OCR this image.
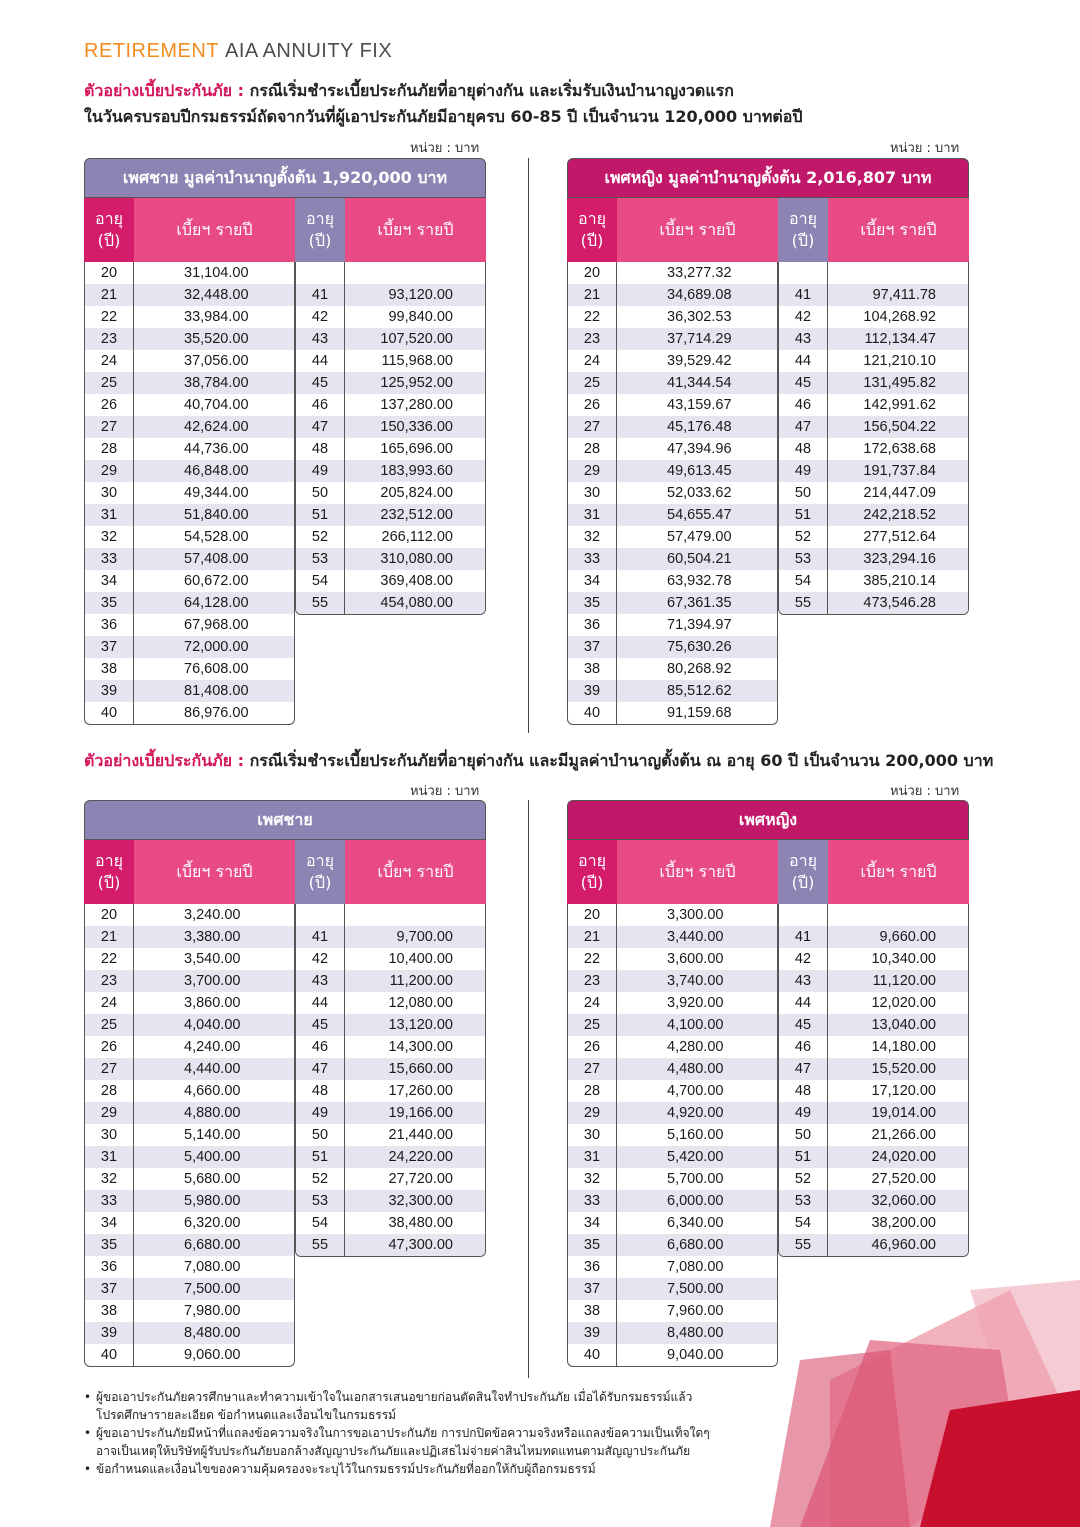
RETIREMENT AIA ANNUITY FIX
ตัวอย่างเบี้ยประกันภัย : กรณีเริ่มชำระเบี้ยประกันภัยที่อายุต่างกัน และเริ่มรับเงินบำนาญงวดแรก
ในวันครบรอบปีกรมธรรม์ถัดจากวันที่ผู้เอาประกันภัยมีอายุครบ 60-85 ปี เป็นจำนวน 120,000 บาทต่อปี
หน่วย : บาท	หน่วย : บาท
ตัวอย่างเบี้ยประกันภัย : กรณีเริ่มชำระเบี้ยประกันภัยที่อายุต่างกัน และมีมูลค่าบำนาญตั้งต้น ณ อายุ 60 ปี เป็นจำนวน 200,000 บาท
หน่วย : บาท	หน่วย : บาท
เพศชาย มูลค่าบำนาญตั้งต้น 1,920,000 บาท
อายุ
(ปี)
เบี้ยฯ รายปี
อายุ
(ปี)
เบี้ยฯ รายปี
20	31,104.00
21	32,448.00
22	33,984.00
23	35,520.00
24	37,056.00
25	38,784.00
26	40,704.00
27	42,624.00
28	44,736.00
29	46,848.00
30	49,344.00
31	51,840.00
32	54,528.00
33	57,408.00
34	60,672.00
35	64,128.00
36	67,968.00
37	72,000.00
38	76,608.00
39	81,408.00
40	86,976.00
41	93,120.00
42	99,840.00
43	107,520.00
44	115,968.00
45	125,952.00
46	137,280.00
47	150,336.00
48	165,696.00
49	183,993.60
50	205,824.00
51	232,512.00
52	266,112.00
53	310,080.00
54	369,408.00
55	454,080.00
เพศหญิง มูลค่าบำนาญตั้งต้น 2,016,807 บาท
อายุ
(ปี)
เบี้ยฯ รายปี
อายุ
(ปี)
เบี้ยฯ รายปี
20	33,277.32
21	34,689.08
22	36,302.53
23	37,714.29
24	39,529.42
25	41,344.54
26	43,159.67
27	45,176.48
28	47,394.96
29	49,613.45
30	52,033.62
31	54,655.47
32	57,479.00
33	60,504.21
34	63,932.78
35	67,361.35
36	71,394.97
37	75,630.26
38	80,268.92
39	85,512.62
40	91,159.68
41	97,411.78
42	104,268.92
43	112,134.47
44	121,210.10
45	131,495.82
46	142,991.62
47	156,504.22
48	172,638.68
49	191,737.84
50	214,447.09
51	242,218.52
52	277,512.64
53	323,294.16
54	385,210.14
55	473,546.28
เพศชาย
อายุ
(ปี)
เบี้ยฯ รายปี
อายุ
(ปี)
เบี้ยฯ รายปี
20	3,240.00
21	3,380.00
22	3,540.00
23	3,700.00
24	3,860.00
25	4,040.00
26	4,240.00
27	4,440.00
28	4,660.00
29	4,880.00
30	5,140.00
31	5,400.00
32	5,680.00
33	5,980.00
34	6,320.00
35	6,680.00
36	7,080.00
37	7,500.00
38	7,980.00
39	8,480.00
40	9,060.00
41	9,700.00
42	10,400.00
43	11,200.00
44	12,080.00
45	13,120.00
46	14,300.00
47	15,660.00
48	17,260.00
49	19,166.00
50	21,440.00
51	24,220.00
52	27,720.00
53	32,300.00
54	38,480.00
55	47,300.00
เพศหญิง
อายุ
(ปี)
เบี้ยฯ รายปี
อายุ
(ปี)
เบี้ยฯ รายปี
20	3,300.00
21	3,440.00
22	3,600.00
23	3,740.00
24	3,920.00
25	4,100.00
26	4,280.00
27	4,480.00
28	4,700.00
29	4,920.00
30	5,160.00
31	5,420.00
32	5,700.00
33	6,000.00
34	6,340.00
35	6,680.00
36	7,080.00
37	7,500.00
38	7,960.00
39	8,480.00
40	9,040.00
41	9,660.00
42	10,340.00
43	11,120.00
44	12,020.00
45	13,040.00
46	14,180.00
47	15,520.00
48	17,120.00
49	19,014.00
50	21,266.00
51	24,020.00
52	27,520.00
53	32,060.00
54	38,200.00
55	46,960.00
• ผู้ขอเอาประกันภัยควรศึกษาและทำความเข้าใจในเอกสารเสนอขายก่อนตัดสินใจทำประกันภัย เมื่อได้รับกรมธรรม์แล้ว
โปรดศึกษารายละเอียด ข้อกำหนดและเงื่อนไขในกรมธรรม์
• ผู้ขอเอาประกันภัยมีหน้าที่แถลงข้อความจริงในการขอเอาประกันภัย การปกปิดข้อความจริงหรือแถลงข้อความเป็นเท็จใดๆ
อาจเป็นเหตุให้บริษัทผู้รับประกันภัยบอกล้างสัญญาประกันภัยและปฏิเสธไม่จ่ายค่าสินไหมทดแทนตามสัญญาประกันภัย
• ข้อกำหนดและเงื่อนไขของความคุ้มครองจะระบุไว้ในกรมธรรม์ประกันภัยที่ออกให้กับผู้ถือกรมธรรม์
